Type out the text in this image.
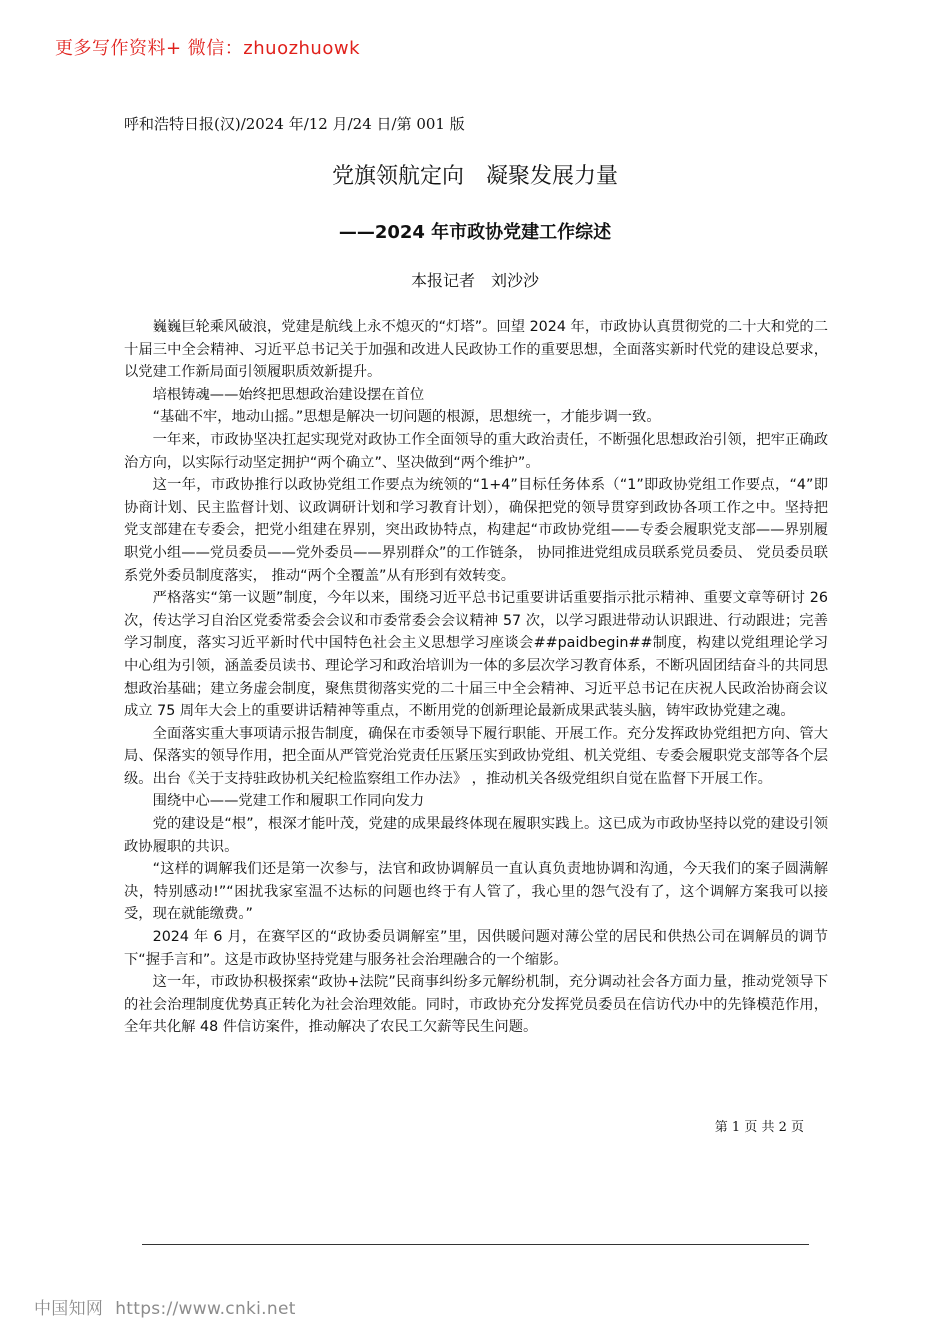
更多写作资料+ 微信：zhuozhuowk
呼和浩特日报(汉)/2024 年/12 月/24 日/第 001 版
党旗领航定向　凝聚发展力量
——2024 年市政协党建工作综述
本报记者　刘沙沙

巍巍巨轮乘风破浪，党建是航线上永不熄灭的“灯塔”。回望 2024 年，市政协认真贯彻党的二十大和党的二十届三中全会精神、习近平总书记关于加强和改进人民政协工作的重要思想，全面落实新时代党的建设总要求，以党建工作新局面引领履职质效新提升。

培根铸魂——始终把思想政治建设摆在首位

“基础不牢，地动山摇。”思想是解决一切问题的根源，思想统一，才能步调一致。

一年来，市政协坚决扛起实现党对政协工作全面领导的重大政治责任，不断强化思想政治引领，把牢正确政治方向，以实际行动坚定拥护“两个确立”、坚决做到“两个维护”。

这一年，市政协推行以政协党组工作要点为统领的“1+4”目标任务体系（“1”即政协党组工作要点，“4”即协商计划、民主监督计划、议政调研计划和学习教育计划），确保把党的领导贯穿到政协各项工作之中。坚持把党支部建在专委会，把党小组建在界别，突出政协特点，构建起“市政协党组——专委会履职党支部——界别履职党小组——党员委员——党外委员——界别群众”的工作链条， 协同推进党组成员联系党员委员、 党员委员联系党外委员制度落实， 推动“两个全覆盖”从有形到有效转变。

严格落实“第一议题”制度，今年以来，围绕习近平总书记重要讲话重要指示批示精神、重要文章等研讨 26 次，传达学习自治区党委常委会会议和市委常委会会议精神 57 次，以学习跟进带动认识跟进、行动跟进；完善学习制度，落实习近平新时代中国特色社会主义思想学习座谈会##paidbegin##制度，构建以党组理论学习中心组为引领，涵盖委员读书、理论学习和政治培训为一体的多层次学习教育体系，不断巩固团结奋斗的共同思想政治基础；建立务虚会制度，聚焦贯彻落实党的二十届三中全会精神、习近平总书记在庆祝人民政治协商会议成立 75 周年大会上的重要讲话精神等重点，不断用党的创新理论最新成果武装头脑，铸牢政协党建之魂。

全面落实重大事项请示报告制度，确保在市委领导下履行职能、开展工作。充分发挥政协党组把方向、管大局、保落实的领导作用，把全面从严管党治党责任压紧压实到政协党组、机关党组、专委会履职党支部等各个层级。出台《关于支持驻政协机关纪检监察组工作办法》 ，推动机关各级党组织自觉在监督下开展工作。

围绕中心——党建工作和履职工作同向发力

党的建设是“根”，根深才能叶茂，党建的成果最终体现在履职实践上。这已成为市政协坚持以党的建设引领政协履职的共识。

“这样的调解我们还是第一次参与，法官和政协调解员一直认真负责地协调和沟通，今天我们的案子圆满解决，特别感动!”“困扰我家室温不达标的问题也终于有人管了，我心里的怨气没有了，这个调解方案我可以接受，现在就能缴费。”

2024 年 6 月，在赛罕区的“政协委员调解室”里，因供暖问题对薄公堂的居民和供热公司在调解员的调节下“握手言和”。这是市政协坚持党建与服务社会治理融合的一个缩影。

这一年，市政协积极探索“政协+法院”民商事纠纷多元解纷机制，充分调动社会各方面力量，推动党领导下的社会治理制度优势真正转化为社会治理效能。同时，市政协充分发挥党员委员在信访代办中的先锋模范作用，全年共化解 48 件信访案件，推动解决了农民工欠薪等民生问题。

第 1 页 共 2 页
中国知网 https://www.cnki.net
